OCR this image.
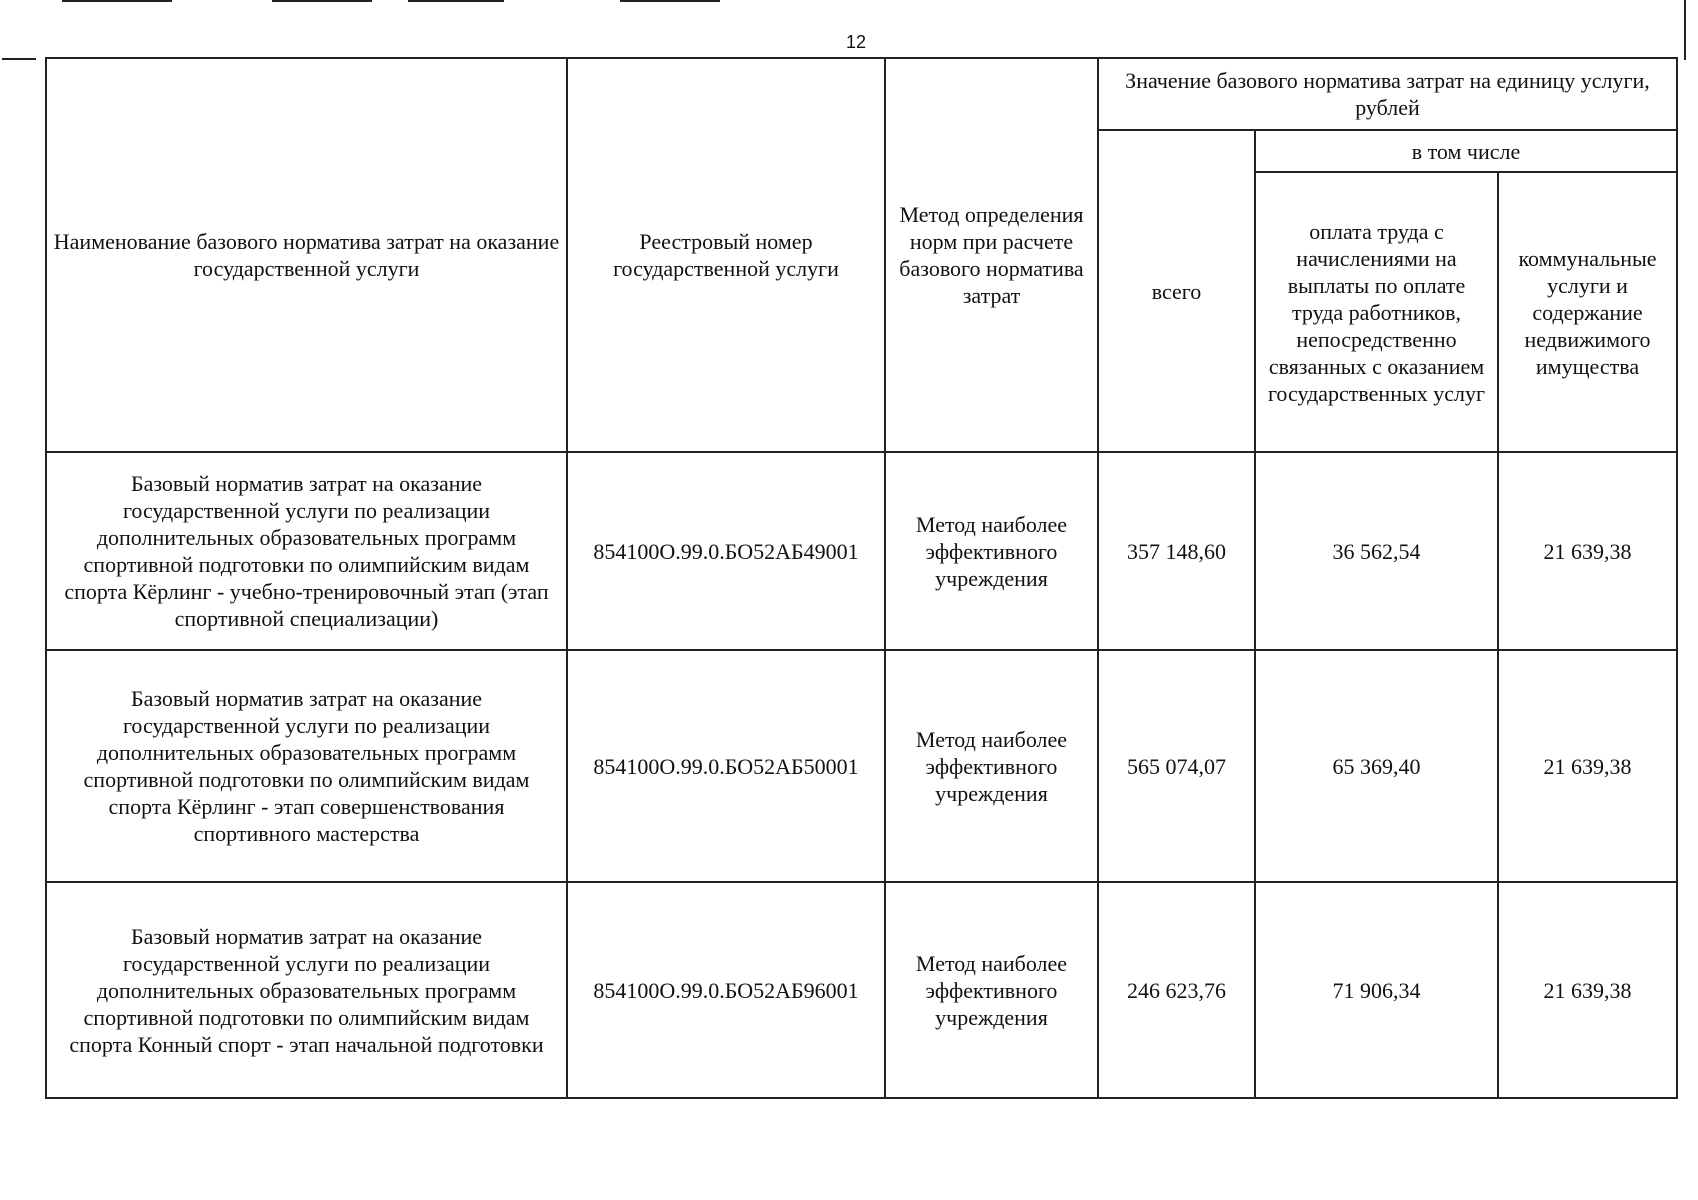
12
Наименование базового норматива затрат на оказание государственной услуги	Реестровый номер государственной услуги	Метод определения норм при расчете базового норматива затрат	Значение базового норматива затрат на единицу услуги, рублей		
			всего	в том числе	
				оплата труда с начислениями на выплаты по оплате труда работников, непосредственно связанных с оказанием государственных услуг	коммунальные услуги и содержание недвижимого имущества
Базовый норматив затрат на оказание государственной услуги по реализации дополнительных образовательных программ спортивной подготовки по олимпийским видам спорта Кёрлинг - учебно-тренировочный этап (этап спортивной специализации)	854100О.99.0.БО52АБ49001	Метод наиболее эффективного учреждения	357 148,60	36 562,54	21 639,38
Базовый норматив затрат на оказание государственной услуги по реализации дополнительных образовательных программ спортивной подготовки по олимпийским видам спорта Кёрлинг - этап совершенствования спортивного мастерства	854100О.99.0.БО52АБ50001	Метод наиболее эффективного учреждения	565 074,07	65 369,40	21 639,38
Базовый норматив затрат на оказание государственной услуги по реализации дополнительных образовательных программ спортивной подготовки по олимпийским видам спорта Конный спорт - этап начальной подготовки	854100О.99.0.БО52АБ96001	Метод наиболее эффективного учреждения	246 623,76	71 906,34	21 639,38
